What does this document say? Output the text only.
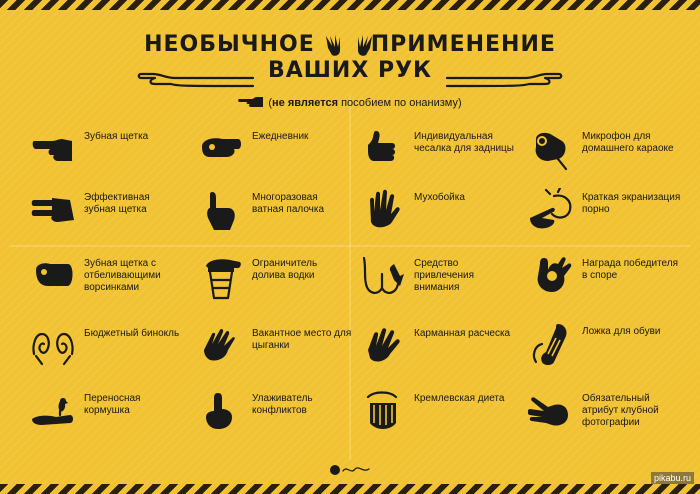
НЕОБЫЧНОЕ	ПРИМЕНЕНИЕ
ВАШИХ РУК
(не является пособием по онанизму)
Зубная щетка
Эффективная зубная щетка
Зубная щетка с отбеливающими ворсинками
Бюджетный бинокль
Переносная кормушка
Ежедневник
Многоразовая ватная палочка
Ограничитель долива водки
Вакантное место для цыганки
Улаживатель конфликтов
Индивидуальная чесалка для задницы
Мухобойка
Средство привлечения внимания
Карманная расческа
Кремлевская диета
Микрофон для домашнего караоке
Краткая экранизация порно
Награда победителя в споре
Ложка для обуви
Обязательный атрибут клубной фотографии
pikabu.ru
